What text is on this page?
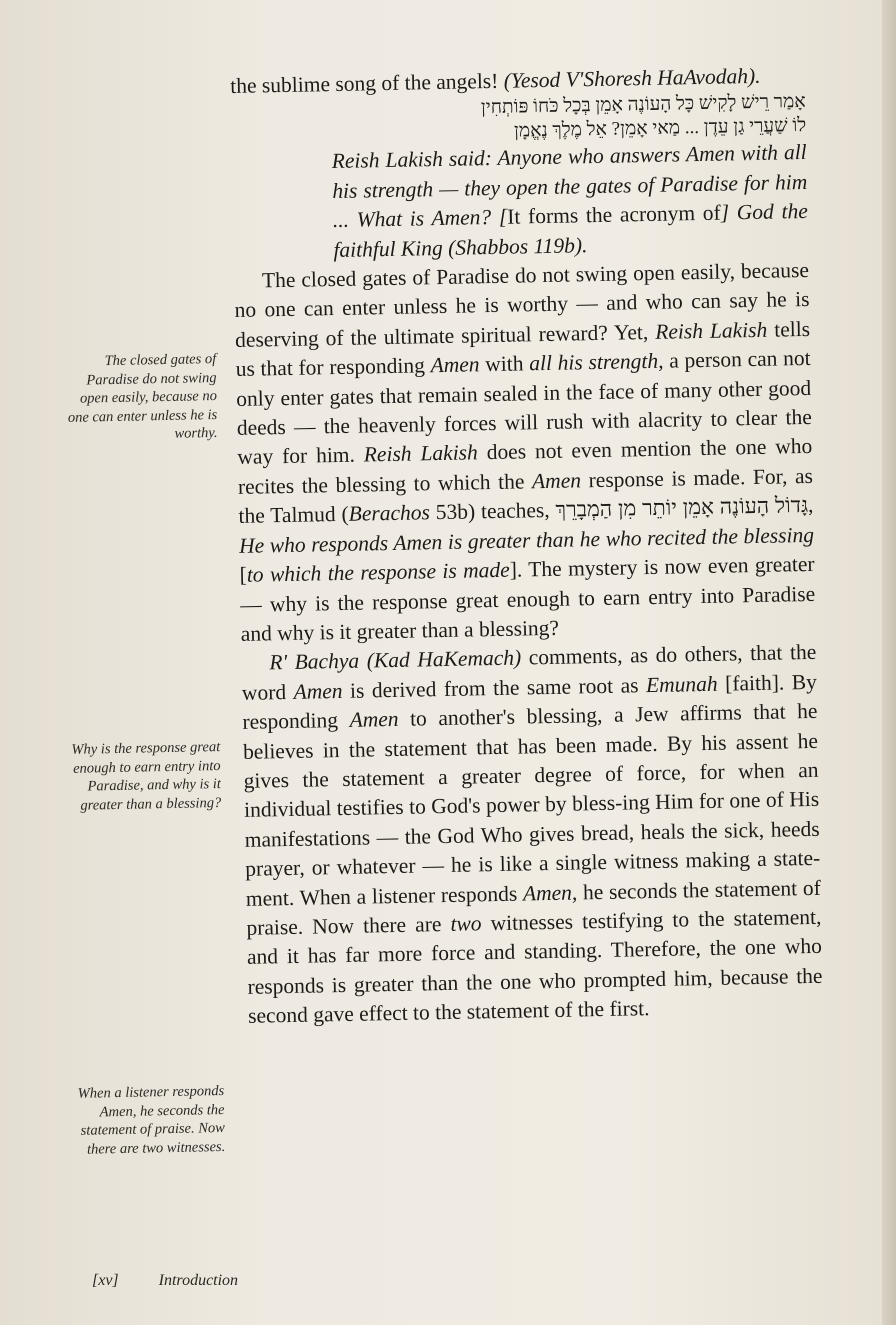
the sublime song of the angels! (Yesod V'Shoresh HaAvodah).

אָמַר רֵישׁ לָקִישׁ כָּל הָעוֹנֶה אָמֵן בְּכָל כֹּחוֹ פּוֹתְחִין

לוֹ שַׁעֲרֵי גַן עֵדֶן ... מַאי אָמֵן? אֵל מֶלֶךְ נֶאֱמָן

Reish Lakish said: Anyone who answers Amen with all his strength — they open the gates of Paradise for him ... What is Amen? [It forms the acronym of] God the faithful King (Shabbos 119b).

The closed gates of Paradise do not swing open easily, because no one can enter unless he is worthy — and who can say he is deserving of the ultimate spiritual reward? Yet, Reish Lakish tells us that for responding Amen with all his strength, a person can not only enter gates that remain sealed in the face of many other good deeds — the heavenly forces will rush with alacrity to clear the way for him. Reish Lakish does not even mention the one who recites the blessing to which the Amen response is made. For, as the Talmud (Berachos 53b) teaches, גָּדוֹל הָעוֹנֶה אָמֵן יוֹתֵר מִן הַמְבָרֵךְ, He who responds Amen is greater than he who recited the blessing [to which the response is made]. The mystery is now even greater — why is the response great enough to earn entry into Paradise and why is it greater than a blessing?

R' Bachya (Kad HaKemach) comments, as do others, that the word Amen is derived from the same root as Emunah [faith]. By responding Amen to another's blessing, a Jew affirms that he believes in the statement that has been made. By his assent he gives the statement a greater degree of force, for when an individual testifies to God's power by bless-ing Him for one of His manifestations — the God Who gives bread, heals the sick, heeds prayer, or whatever — he is like a single witness making a state-ment. When a listener responds Amen, he seconds the statement of praise. Now there are two witnesses testifying to the statement, and it has far more force and standing. Therefore, the one who responds is greater than the one who prompted him, because the second gave effect to the statement of the first.

The closed gates of Paradise do not swing open easily, because no one can enter unless he is worthy.
Why is the response great enough to earn entry into Paradise, and why is it greater than a blessing?
When a listener responds Amen, he seconds the statement of praise. Now there are two witnesses.
[xv]	Introduction
